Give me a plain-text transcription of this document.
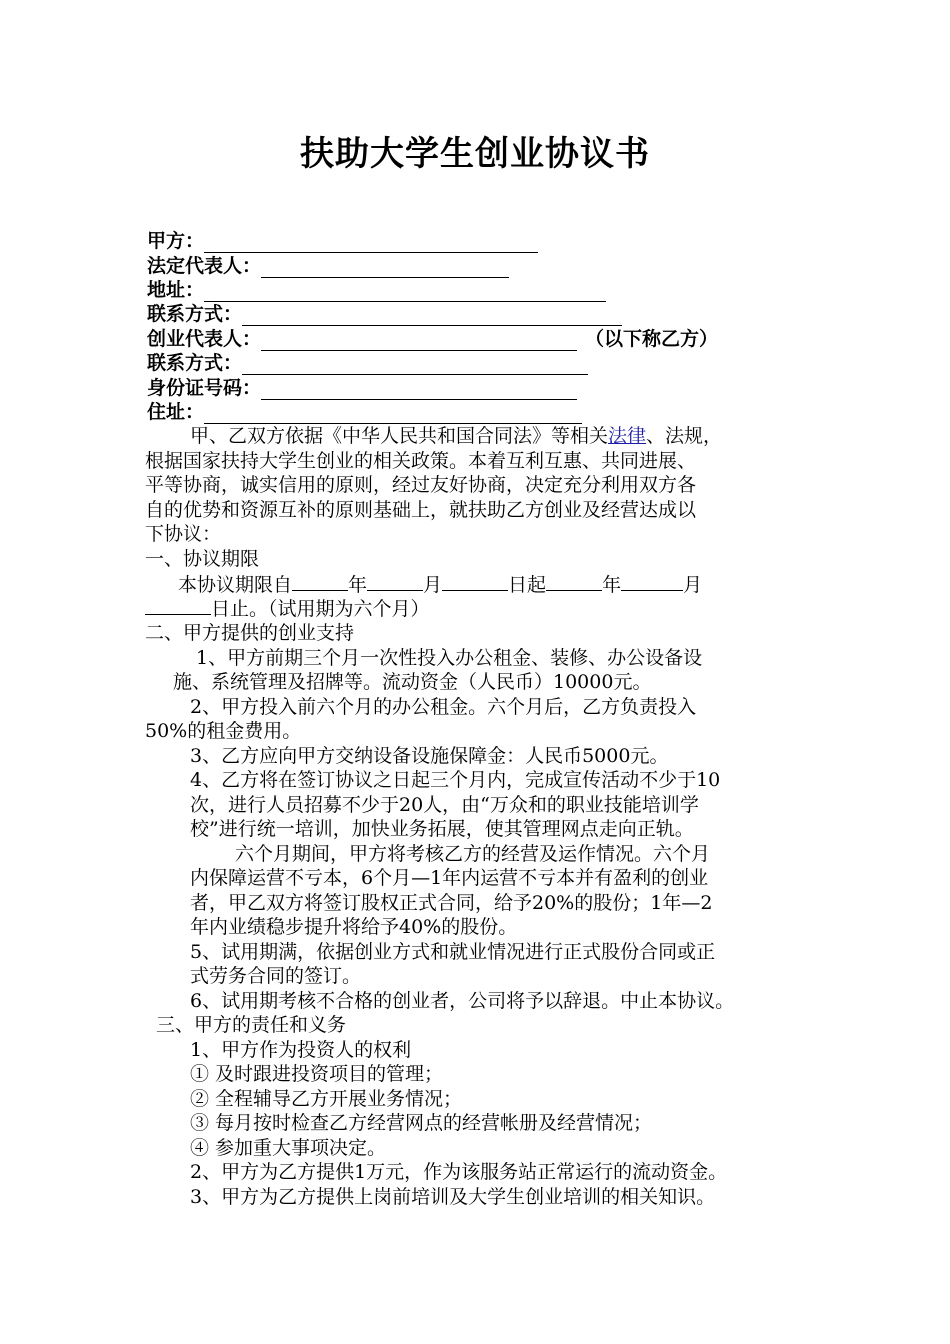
扶助大学生创业协议书
甲方：
法定代表人：
地址：
联系方式：
创业代表人：	（以下称乙方）
联系方式：
身份证号码：
住址：
甲、乙双方依据《中华人民共和国合同法》等相关法律、法规，
根据国家扶持大学生创业的相关政策。本着互利互惠、共同进展、
平等协商，诚实信用的原则，经过友好协商，决定充分利用双方各
自的优势和资源互补的原则基础上，就扶助乙方创业及经营达成以
下协议：
一、协议期限
本协议期限自	年	月	日起	年	月
日止。（试用期为六个月）
二、甲方提供的创业支持
1、甲方前期三个月一次性投入办公租金、装修、办公设备设
施、系统管理及招牌等。流动资金（人民币）10000元。
2、甲方投入前六个月的办公租金。六个月后，乙方负责投入
50%的租金费用。
3、乙方应向甲方交纳设备设施保障金：人民币5000元。
4、乙方将在签订协议之日起三个月内，完成宣传活动不少于10
次，进行人员招募不少于20人，由“万众和的职业技能培训学
校”进行统一培训，加快业务拓展，使其管理网点走向正轨。
六个月期间，甲方将考核乙方的经营及运作情况。六个月
内保障运营不亏本，6个月—1年内运营不亏本并有盈利的创业
者，甲乙双方将签订股权正式合同，给予20%的股份；1年—2
年内业绩稳步提升将给予40%的股份。
5、试用期满，依据创业方式和就业情况进行正式股份合同或正
式劳务合同的签订。
6、试用期考核不合格的创业者，公司将予以辞退。中止本协议。
三、甲方的责任和义务
1、甲方作为投资人的权利
① 及时跟进投资项目的管理；
② 全程辅导乙方开展业务情况；
③ 每月按时检查乙方经营网点的经营帐册及经营情况；
④ 参加重大事项决定。
2、甲方为乙方提供1万元，作为该服务站正常运行的流动资金。
3、甲方为乙方提供上岗前培训及大学生创业培训的相关知识。
